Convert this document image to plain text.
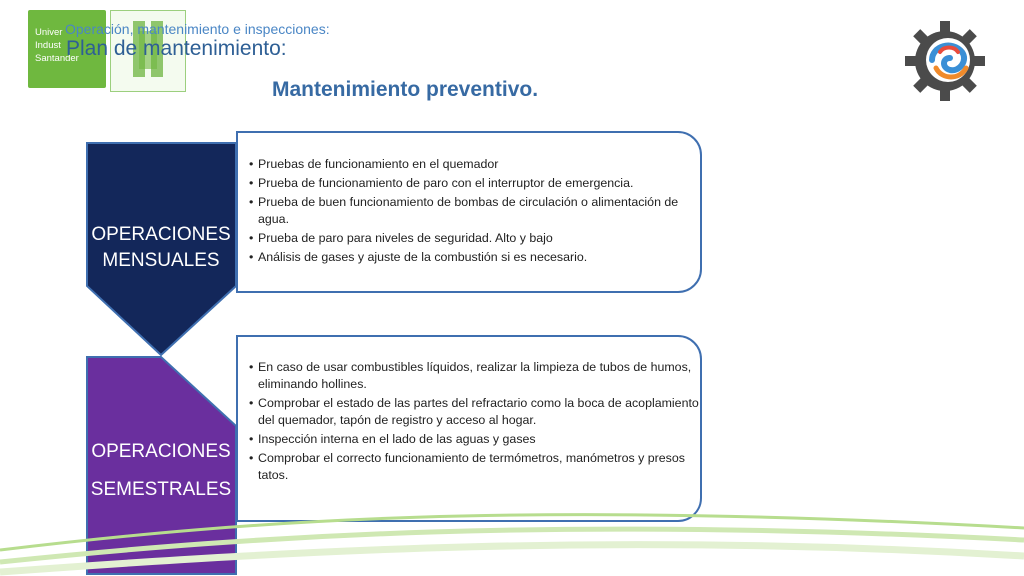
Univer
Indust
Santander
Operación, mantenimiento e inspecciones:
Plan de mantenimiento:
Mantenimiento preventivo.
OPERACIONES
MENSUALES
OPERACIONES
SEMESTRALES
• Pruebas de funcionamiento en el quemador
• Prueba de funcionamiento de paro con el interruptor de emergencia.
• Prueba de buen funcionamiento de bombas de circulación o alimentación de agua.
• Prueba de paro para niveles de seguridad. Alto y bajo
• Análisis de gases y ajuste de la combustión si es necesario.
• En caso de usar combustibles líquidos, realizar la limpieza de tubos de humos, eliminando hollines.
• Comprobar el estado de las partes del refractario como la boca de acoplamiento del quemador, tapón de registro y acceso al hogar.
• Inspección interna en el lado de las aguas y gases
• Comprobar el correcto funcionamiento de termómetros, manómetros y presos tatos.
